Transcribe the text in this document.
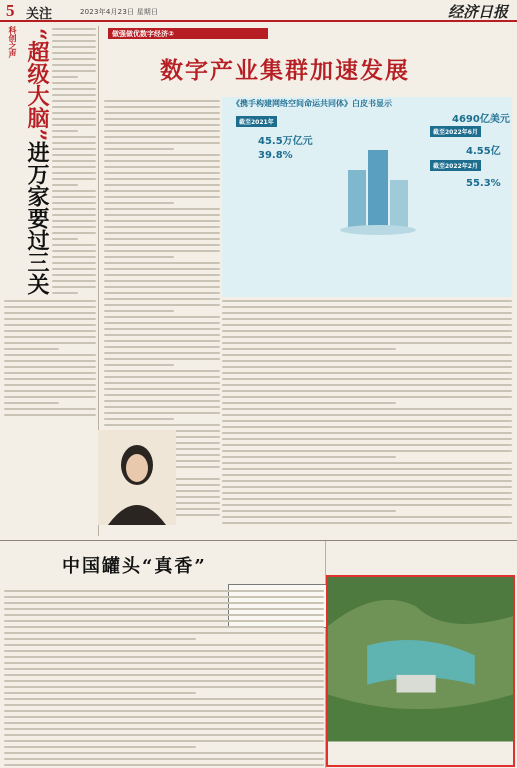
5 关注	2023年4月23日 星期日	经济日报
科创之声 “超级大脑”进万家要过三关
做强做优数字经济②
数字产业集群加速发展
《携手构建网络空间命运共同体》白皮书显示
截至2021年
45.5万亿元
39.8%
4690亿美元
截至2022年6月
4.55亿
截至2022年2月
55.3%
中国罐头“真香”
